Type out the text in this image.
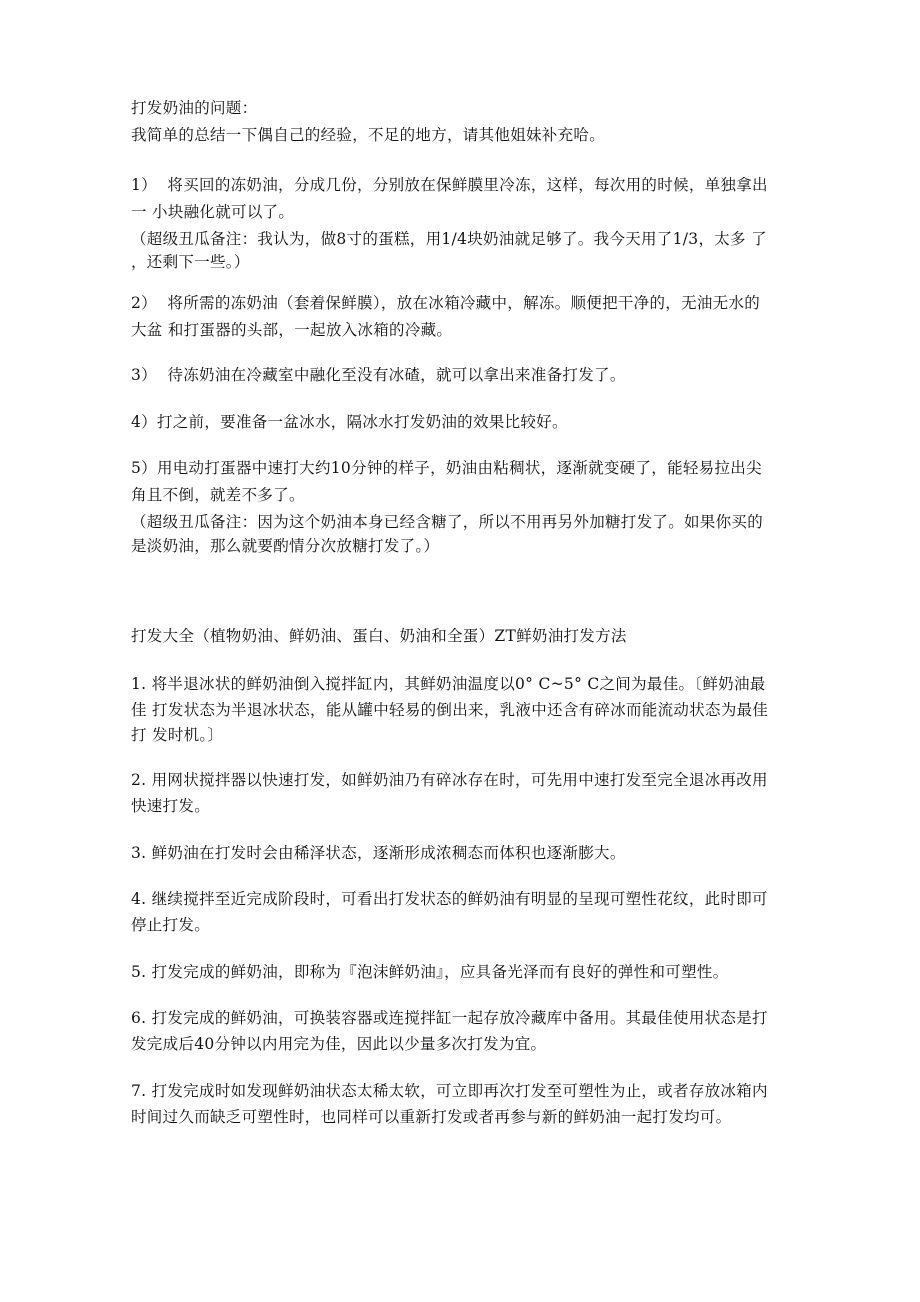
打发奶油的问题：
我简单的总结一下偶自己的经验，不足的地方，请其他姐妹补充哈。
1）  将买回的冻奶油，分成几份，分别放在保鲜膜里冷冻，这样，每次用的时候，单独拿出
一 小块融化就可以了。
（超级丑瓜备注：我认为，做8寸的蛋糕，用1/4块奶油就足够了。我今天用了1/3，太多 了
，还剩下一些。）
2）  将所需的冻奶油（套着保鲜膜），放在冰箱冷藏中，解冻。顺便把干净的，无油无水的
大盆 和打蛋器的头部，一起放入冰箱的冷藏。
3）  待冻奶油在冷藏室中融化至没有冰碴，就可以拿出来准备打发了。
4）打之前，要准备一盆冰水，隔冰水打发奶油的效果比较好。
5）用电动打蛋器中速打大约10分钟的样子，奶油由粘稠状，逐渐就变硬了，能轻易拉出尖
角且不倒，就差不多了。
（超级丑瓜备注：因为这个奶油本身已经含糖了，所以不用再另外加糖打发了。如果你买的
是淡奶油，那么就要酌情分次放糖打发了。）
打发大全（植物奶油、鲜奶油、蛋白、奶油和全蛋）ZT鲜奶油打发方法
1. 将半退冰状的鲜奶油倒入搅拌缸内，其鲜奶油温度以0° C~5° C之间为最佳。〔鲜奶油最
佳 打发状态为半退冰状态，能从罐中轻易的倒出来，乳液中还含有碎冰而能流动状态为最佳
打 发时机。〕
2. 用网状搅拌器以快速打发，如鲜奶油乃有碎冰存在时，可先用中速打发至完全退冰再改用
快速打发。
3. 鲜奶油在打发时会由稀泽状态，逐渐形成浓稠态而体积也逐渐膨大。
4. 继续搅拌至近完成阶段时，可看出打发状态的鲜奶油有明显的呈现可塑性花纹，此时即可
停止打发。
5. 打发完成的鲜奶油，即称为『泡沫鲜奶油』，应具备光泽而有良好的弹性和可塑性。
6. 打发完成的鲜奶油，可换装容器或连搅拌缸一起存放冷藏库中备用。其最佳使用状态是打
发完成后40分钟以内用完为佳，因此以少量多次打发为宜。
7. 打发完成时如发现鲜奶油状态太稀太软，可立即再次打发至可塑性为止，或者存放冰箱内
时间过久而缺乏可塑性时，也同样可以重新打发或者再参与新的鲜奶油一起打发均可。
